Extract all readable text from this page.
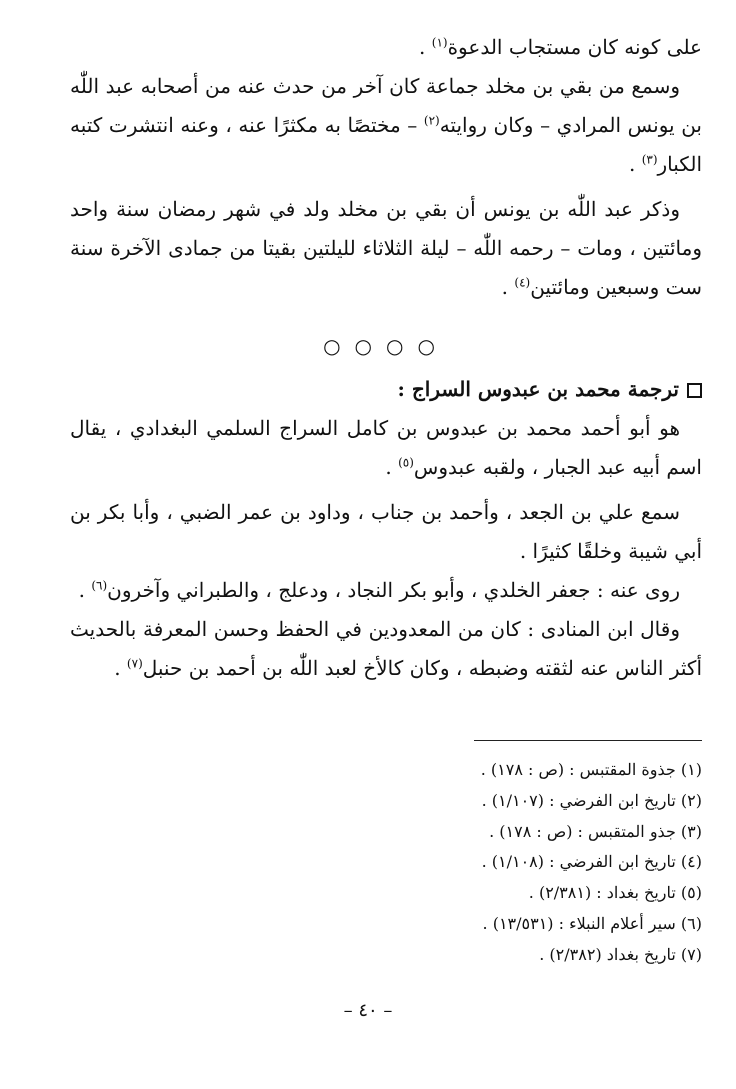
على كونه كان مستجاب الدعوة$^{(١)}$ .

وسمع من بقي بن مخلد جماعة كان آخر من حدث عنه من أصحابه عبد اللّٰه بن يونس المرادي – وكان روايته$^{(٢)}$ – مختصًا به مكثرًا عنه ، وعنه انتشرت كتبه الكبار$^{(٣)}$ .

وذكر عبد اللّٰه بن يونس أن بقي بن مخلد ولد في شهر رمضان سنة واحد ومائتين ، ومات – رحمه اللّٰه – ليلة الثلاثاء لليلتين بقيتا من جمادى الآخرة سنة ست وسبعين ومائتين$^{(٤)}$ .

○○○○

ترجمة محمد بن عبدوس السراج :

هو أبو أحمد محمد بن عبدوس بن كامل السراج السلمي البغدادي ، يقال اسم أبيه عبد الجبار ، ولقبه عبدوس$^{(٥)}$ .

سمع علي بن الجعد ، وأحمد بن جناب ، وداود بن عمر الضبي ، وأبا بكر بن أبي شيبة وخلقًا كثيرًا .

روى عنه : جعفر الخلدي ، وأبو بكر النجاد ، ودعلج ، والطبراني وآخرون$^{(٦)}$ .

وقال ابن المنادى : كان من المعدودين في الحفظ وحسن المعرفة بالحديث أكثر الناس عنه لثقته وضبطه ، وكان كالأخ لعبد اللّٰه بن أحمد بن حنبل$^{(٧)}$ .

(١) جذوة المقتبس : (ص : ١٧٨) .

(٢) تاريخ ابن الفرضي : (١/١٠٧) .

(٣) جذو المتقبس : (ص : ١٧٨) .

(٤) تاريخ ابن الفرضي : (١/١٠٨) .

(٥) تاريخ بغداد : (٢/٣٨١) .

(٦) سير أعلام النبلاء : (١٣/٥٣١) .

(٧) تاريخ بغداد (٢/٣٨٢) .

– ٤٠ –
